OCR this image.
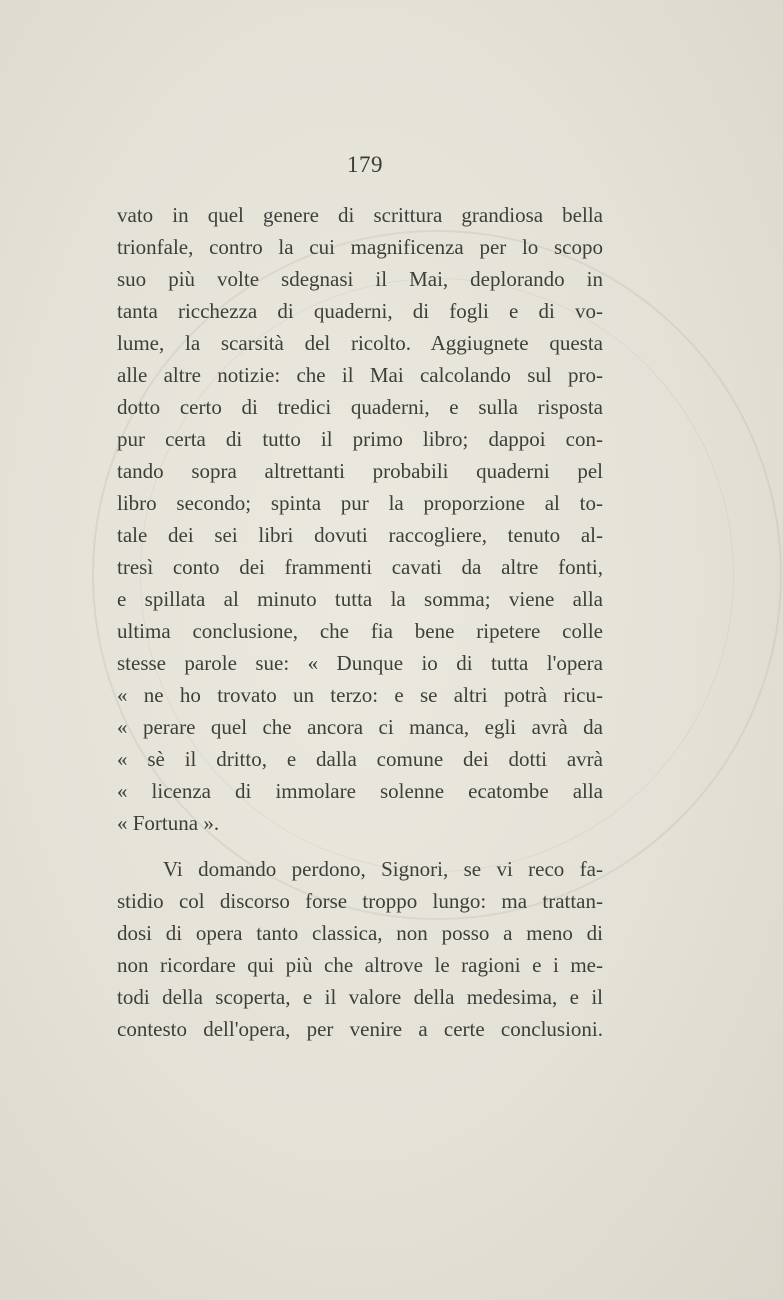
179
vato in quel genere di scrittura grandiosa bella
trionfale, contro la cui magnificenza per lo scopo
suo più volte sdegnasi il Mai, deplorando in
tanta ricchezza di quaderni, di fogli e di vo-
lume, la scarsità del ricolto. Aggiugnete questa
alle altre notizie: che il Mai calcolando sul pro-
dotto certo di tredici quaderni, e sulla risposta
pur certa di tutto il primo libro; dappoi con-
tando sopra altrettanti probabili quaderni pel
libro secondo; spinta pur la proporzione al to-
tale dei sei libri dovuti raccogliere, tenuto al-
tresì conto dei frammenti cavati da altre fonti,
e spillata al minuto tutta la somma; viene alla
ultima conclusione, che fia bene ripetere colle
stesse parole sue: « Dunque io di tutta l'opera
« ne ho trovato un terzo: e se altri potrà ricu-
« perare quel che ancora ci manca, egli avrà da
« sè il dritto, e dalla comune dei dotti avrà
« licenza di immolare solenne ecatombe alla
« Fortuna ».
Vi domando perdono, Signori, se vi reco fa-
stidio col discorso forse troppo lungo: ma trattan-
dosi di opera tanto classica, non posso a meno di
non ricordare qui più che altrove le ragioni e i me-
todi della scoperta, e il valore della medesima, e il
contesto dell'opera, per venire a certe conclusioni.
